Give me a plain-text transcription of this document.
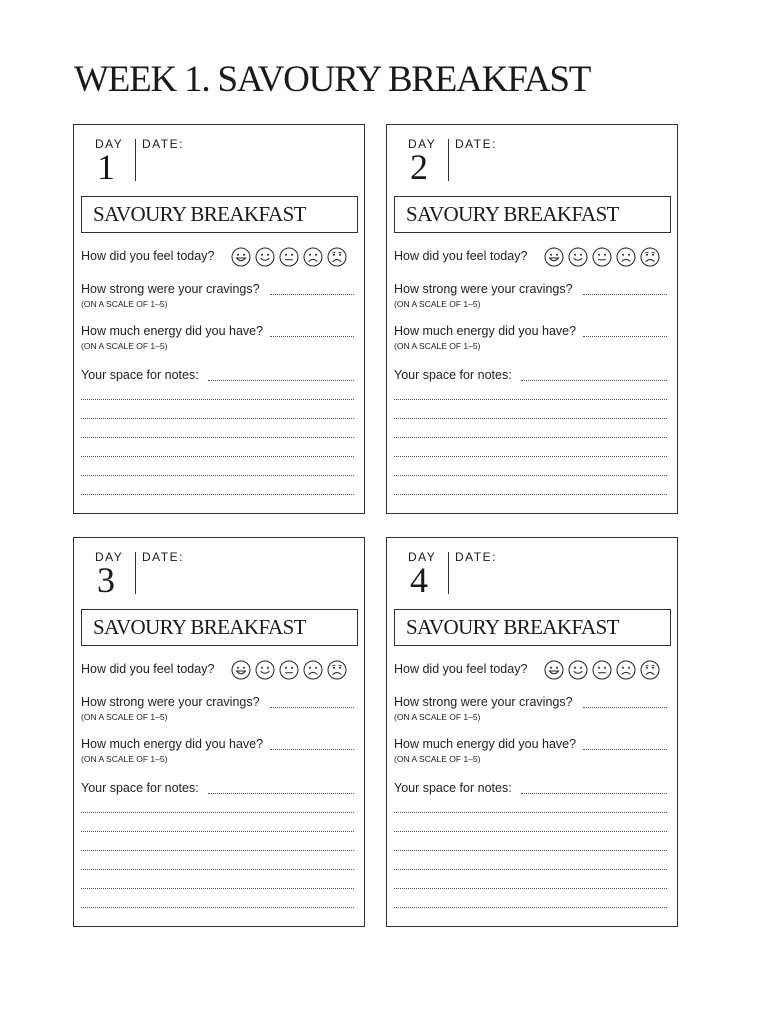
WEEK 1. SAVOURY BREAKFAST
DAY
1
DATE:
SAVOURY BREAKFAST
How did you feel today?
How strong were your cravings?
(ON A SCALE OF 1–5)
How much energy did you have?
(ON A SCALE OF 1–5)
Your space for notes:
DAY
2
DATE:
SAVOURY BREAKFAST
How did you feel today?
How strong were your cravings?
(ON A SCALE OF 1–5)
How much energy did you have?
(ON A SCALE OF 1–5)
Your space for notes:
DAY
3
DATE:
SAVOURY BREAKFAST
How did you feel today?
How strong were your cravings?
(ON A SCALE OF 1–5)
How much energy did you have?
(ON A SCALE OF 1–5)
Your space for notes:
DAY
4
DATE:
SAVOURY BREAKFAST
How did you feel today?
How strong were your cravings?
(ON A SCALE OF 1–5)
How much energy did you have?
(ON A SCALE OF 1–5)
Your space for notes:
